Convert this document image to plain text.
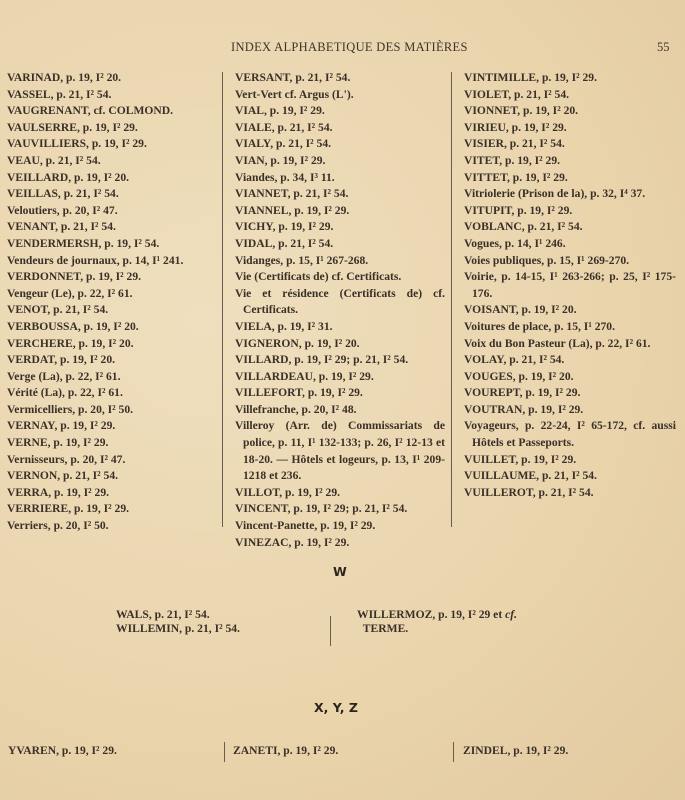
INDEX ALPHABETIQUE DES MATIÈRES	55
VARINAD, p. 19, I² 20.
VASSEL, p. 21, I² 54.
VAUGRENANT, cf. COLMOND.
VAULSERRE, p. 19, I² 29.
VAUVILLIERS, p. 19, I² 29.
VEAU, p. 21, I² 54.
VEILLARD, p. 19, I² 20.
VEILLAS, p. 21, I² 54.
Veloutiers, p. 20, I² 47.
VENANT, p. 21, I² 54.
VENDERMERSH, p. 19, I² 54.
Vendeurs de journaux, p. 14, I¹ 241.
VERDONNET, p. 19, I² 29.
Vengeur (Le), p. 22, I² 61.
VENOT, p. 21, I² 54.
VERBOUSSA, p. 19, I² 20.
VERCHERE, p. 19, I² 20.
VERDAT, p. 19, I² 20.
Verge (La), p. 22, I² 61.
Vérité (La), p. 22, I² 61.
Vermicelliers, p. 20, I² 50.
VERNAY, p. 19, I² 29.
VERNE, p. 19, I² 29.
Vernisseurs, p. 20, I² 47.
VERNON, p. 21, I² 54.
VERRA, p. 19, I² 29.
VERRIERE, p. 19, I² 29.
Verriers, p. 20, I² 50.
VERSANT, p. 21, I² 54.
Vert-Vert cf. Argus (L').
VIAL, p. 19, I² 29.
VIALE, p. 21, I² 54.
VIALY, p. 21, I² 54.
VIAN, p. 19, I² 29.
Viandes, p. 34, I³ 11.
VIANNET, p. 21, I² 54.
VIANNEL, p. 19, I² 29.
VICHY, p. 19, I² 29.
VIDAL, p. 21, I² 54.
Vidanges, p. 15, I¹ 267-268.
Vie (Certificats de) cf. Certificats.
Vie et résidence (Certificats de) cf. Certificats.
VIELA, p. 19, I² 31.
VIGNERON, p. 19, I² 20.
VILLARD, p. 19, I² 29; p. 21, I² 54.
VILLARDEAU, p. 19, I² 29.
VILLEFORT, p. 19, I² 29.
Villefranche, p. 20, I² 48.
Villeroy (Arr. de) Commissariats de police, p. 11, I¹ 132-133; p. 26, I² 12-13 et 18-20. — Hôtels et logeurs, p. 13, I¹ 209-1218 et 236.
VILLOT, p. 19, I² 29.
VINCENT, p. 19, I² 29; p. 21, I² 54.
Vincent-Panette, p. 19, I² 29.
VINEZAC, p. 19, I² 29.
VINTIMILLE, p. 19, I² 29.
VIOLET, p. 21, I² 54.
VIONNET, p. 19, I² 20.
VIRIEU, p. 19, I² 29.
VISIER, p. 21, I² 54.
VITET, p. 19, I² 29.
VITTET, p. 19, I² 29.
Vitriolerie (Prison de la), p. 32, I⁴ 37.
VITUPIT, p. 19, I² 29.
VOBLANC, p. 21, I² 54.
Vogues, p. 14, I¹ 246.
Voies publiques, p. 15, I¹ 269-270.
Voirie, p. 14-15, I¹ 263-266; p. 25, I² 175-176.
VOISANT, p. 19, I² 20.
Voitures de place, p. 15, I¹ 270.
Voix du Bon Pasteur (La), p. 22, I² 61.
VOLAY, p. 21, I² 54.
VOUGES, p. 19, I² 20.
VOUREPT, p. 19, I² 29.
VOUTRAN, p. 19, I² 29.
Voyageurs, p. 22-24, I² 65-172, cf. aussi Hôtels et Passeports.
VUILLET, p. 19, I² 29.
VUILLAUME, p. 21, I² 54.
VUILLEROT, p. 21, I² 54.
W
WALS, p. 21, I² 54.
WILLEMIN, p. 21, I² 54.
WILLERMOZ, p. 19, I² 29 et cf.
TERME.
X, Y, Z
YVAREN, p. 19, I² 29.	ZANETI, p. 19, I² 29.	ZINDEL, p. 19, I² 29.
